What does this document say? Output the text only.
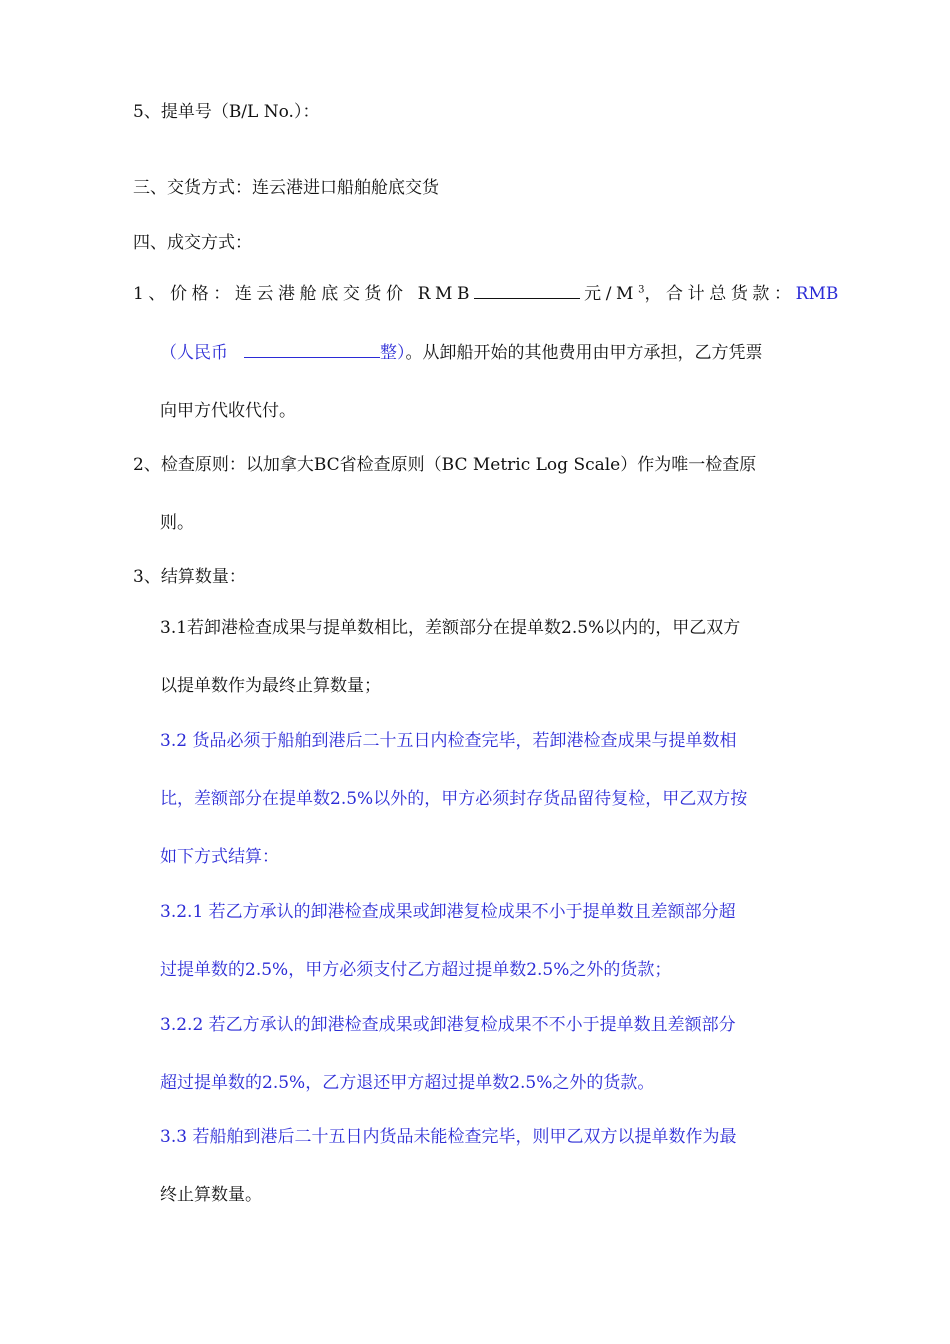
5、提单号（B/L No.）：
三、交货方式：连云港进口船舶舱底交货
四、成交方式：
1、价格：连云港舱底交货价 RMB	元$/M^3$，合计总货款：RMB
（人民币	整）。从卸船开始的其他费用由甲方承担，乙方凭票
向甲方代收代付。
2、检查原则：以加拿大BC省检查原则（BC Metric Log Scale）作为唯一检查原
则。
3、结算数量：
3.1若卸港检查成果与提单数相比，差额部分在提单数2.5%以内的，甲乙双方
以提单数作为最终止算数量；
3.2 货品必须于船舶到港后二十五日内检查完毕，若卸港检查成果与提单数相
比，差额部分在提单数2.5%以外的，甲方必须封存货品留待复检，甲乙双方按
如下方式结算：
3.2.1 若乙方承认的卸港检查成果或卸港复检成果不小于提单数且差额部分超
过提单数的2.5%，甲方必须支付乙方超过提单数2.5%之外的货款；
3.2.2 若乙方承认的卸港检查成果或卸港复检成果不不小于提单数且差额部分
超过提单数的2.5%，乙方退还甲方超过提单数2.5%之外的货款。
3.3 若船舶到港后二十五日内货品未能检查完毕，则甲乙双方以提单数作为最
终止算数量。
